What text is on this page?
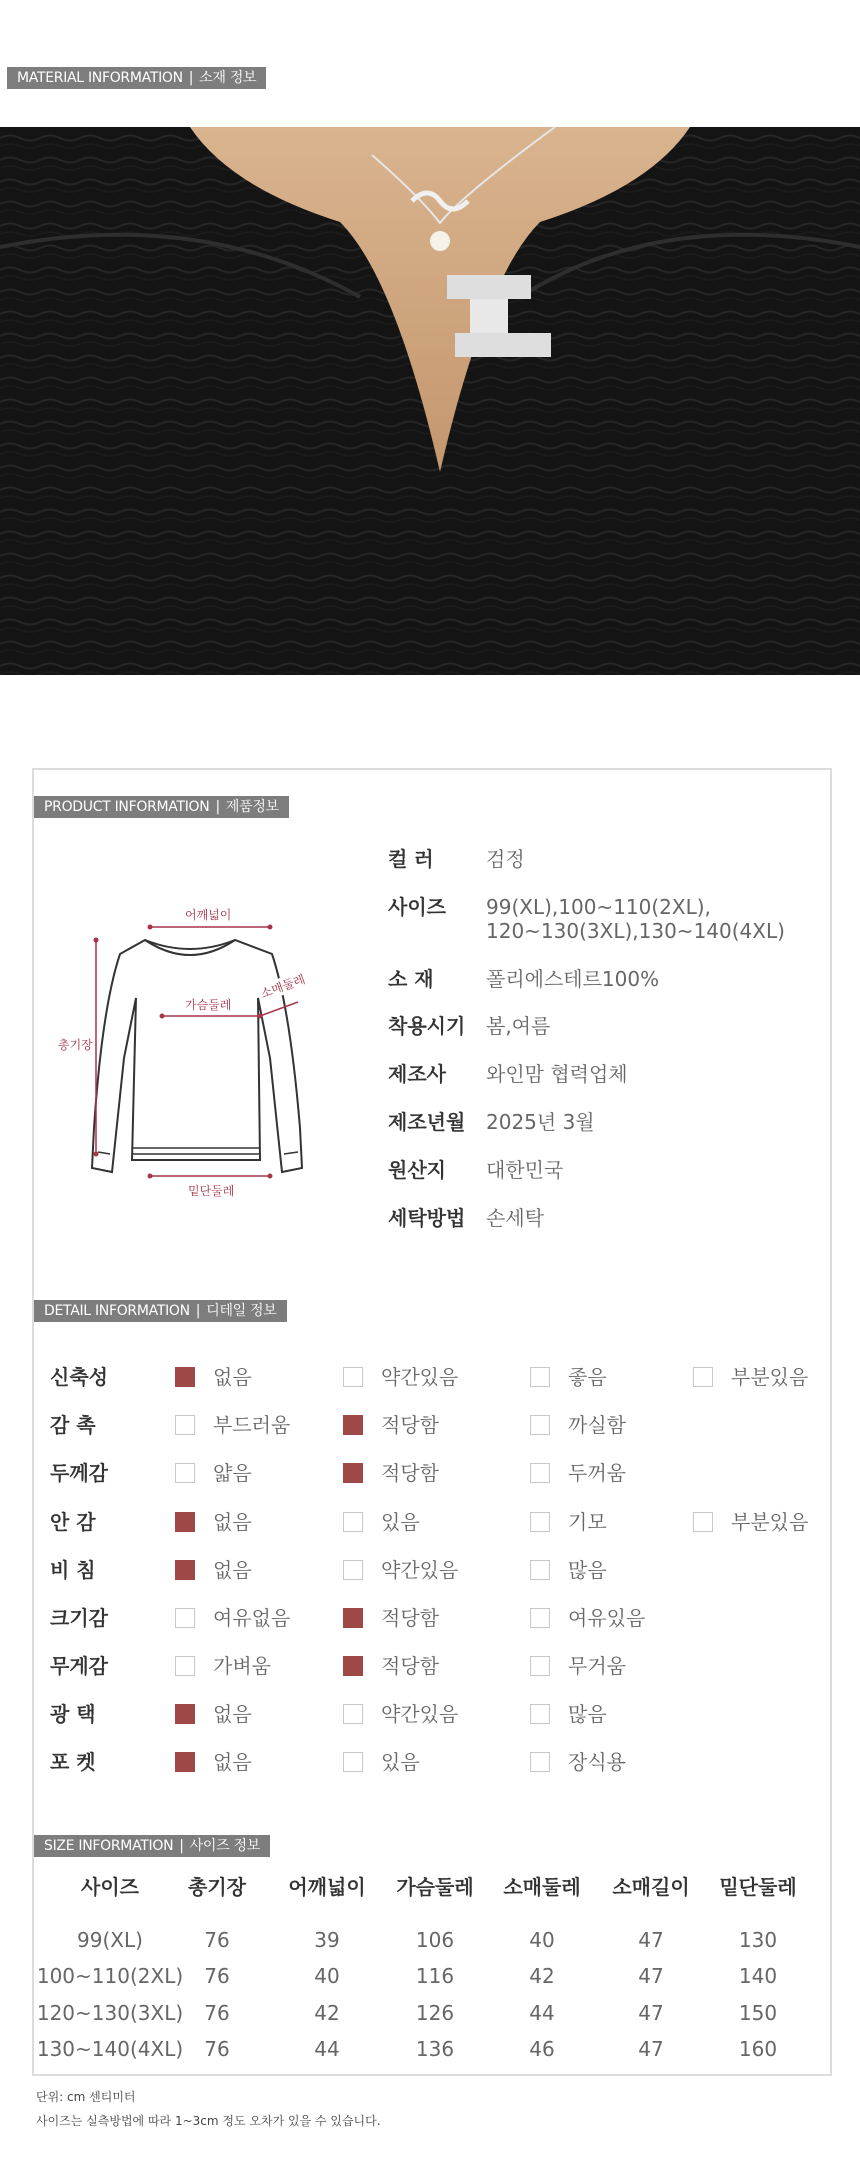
MATERIAL INFORMATION | 소재 정보
PRODUCT INFORMATION | 제품정보
어깨넓이
가슴둘레
소매둘레
총기장
밑단둘레
컬 러	검정
사이즈	99(XL),100~110(2XL),
120~130(3XL),130~140(4XL)
소 재	폴리에스테르100%
착용시기	봄,여름
제조사	와인맘 협력업체
제조년월	2025년 3월
원산지	대한민국
세탁방법	손세탁
DETAIL INFORMATION | 디테일 정보
신축성	없음	약간있음	좋음	부분있음
감 촉	부드러움	적당함	까실함
두께감	얇음	적당함	두꺼움
안 감	없음	있음	기모	부분있음
비 침	없음	약간있음	많음
크기감	여유없음	적당함	여유있음
무게감	가벼움	적당함	무거움
광 택	없음	약간있음	많음
포 켓	없음	있음	장식용
SIZE INFORMATION | 사이즈 정보
사이즈	총기장	어깨넓이	가슴둘레	소매둘레	소매길이	밑단둘레
99(XL)	76	39	106	40	47	130
100~110(2XL)	76	40	116	42	47	140
120~130(3XL)	76	42	126	44	47	150
130~140(4XL)	76	44	136	46	47	160
단위: cm 센티미터
사이즈는 실측방법에 따라 1~3cm 정도 오차가 있을 수 있습니다.
